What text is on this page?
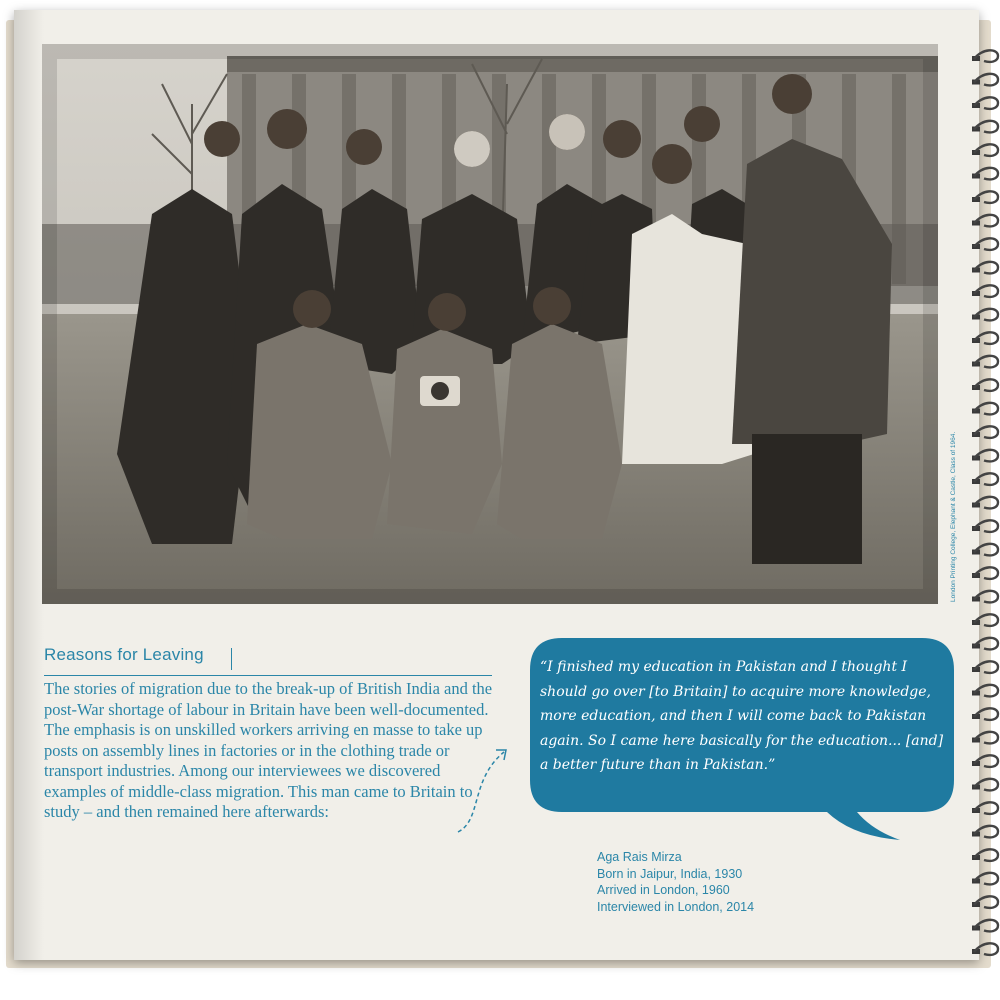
London Printing College, Elephant & Castle, Class of 1964.
Reasons for Leaving
The stories of migration due to the break-up of British India and the post-War shortage of labour in Britain have been well-documented. The emphasis is on unskilled workers arriving en masse to take up posts on assembly lines in factories or in the clothing trade or transport industries. Among our interviewees we discovered examples of middle-class migration. This man came to Britain to study – and then remained here afterwards:
“I finished my education in Pakistan and I thought I should go over [to Britain] to acquire more knowledge, more education, and then I will come back to Pakistan again. So I came here basically for the education... [and] a better future than in Pakistan.”
Aga Rais Mirza
Born in Jaipur, India, 1930
Arrived in London, 1960
Interviewed in London, 2014
